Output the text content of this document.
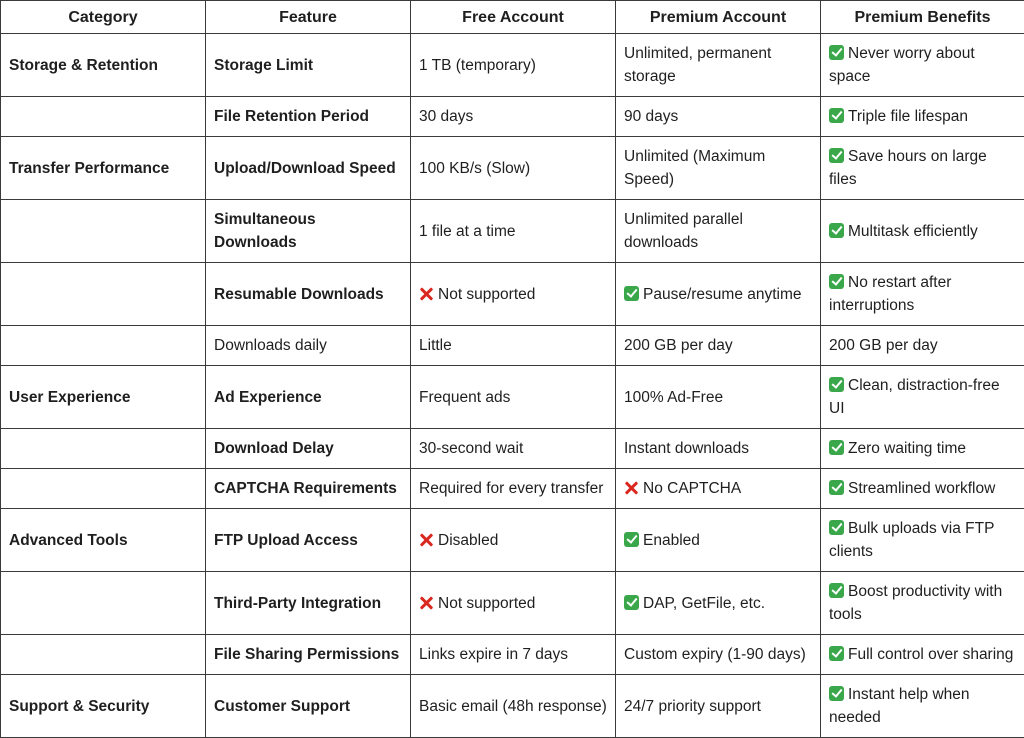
Category	Feature	Free Account	Premium Account	Premium Benefits
Storage & Retention	Storage Limit	1 TB (temporary)	Unlimited, permanent storage	Never worry about space
	File Retention Period	30 days	90 days	Triple file lifespan
Transfer Performance	Upload/Download Speed	100 KB/s (Slow)	Unlimited (Maximum Speed)	Save hours on large files
	Simultaneous Downloads	1 file at a time	Unlimited parallel downloads	Multitask efficiently
	Resumable Downloads	Not supported	Pause/resume anytime	No restart after interruptions
	Downloads daily	Little	200 GB per day	200 GB per day
User Experience	Ad Experience	Frequent ads	100% Ad-Free	Clean, distraction-free UI
	Download Delay	30-second wait	Instant downloads	Zero waiting time
	CAPTCHA Requirements	Required for every transfer	No CAPTCHA	Streamlined workflow
Advanced Tools	FTP Upload Access	Disabled	Enabled	Bulk uploads via FTP clients
	Third-Party Integration	Not supported	DAP, GetFile, etc.	Boost productivity with tools
	File Sharing Permissions	Links expire in 7 days	Custom expiry (1-90 days)	Full control over sharing
Support & Security	Customer Support	Basic email (48h response)	24/7 priority support	Instant help when needed
